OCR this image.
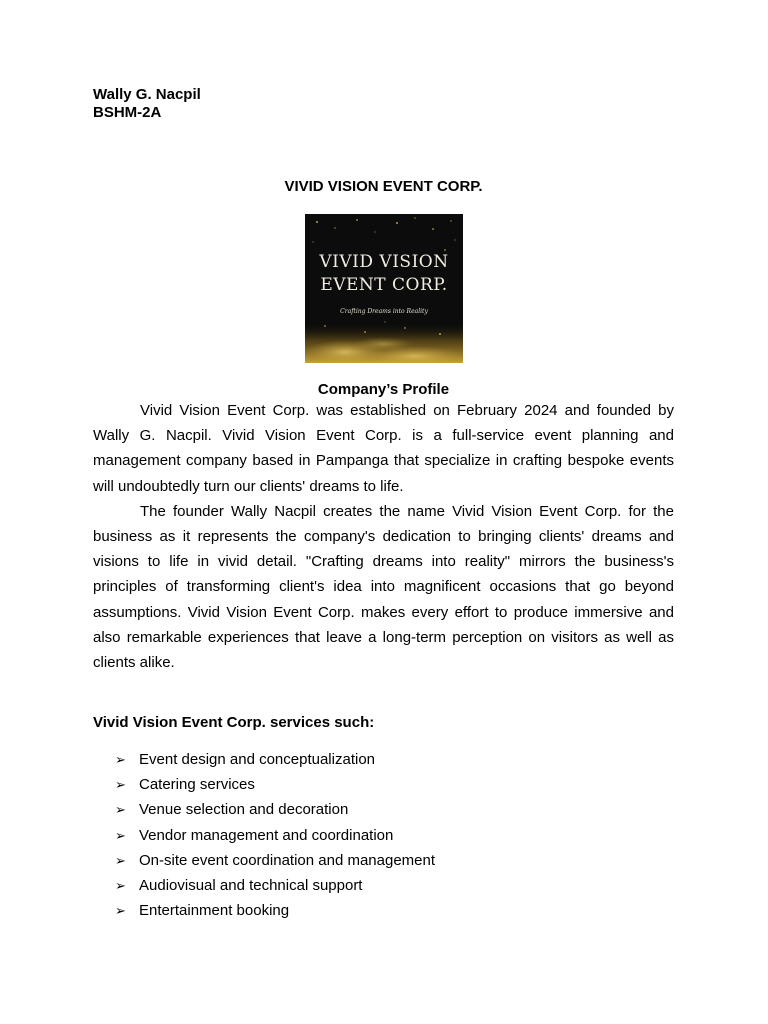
Wally G. Nacpil

BSHM-2A

VIVID VISION EVENT CORP.
VIVID VISION
EVENT CORP.
Crafting Dreams into Reality
Company’s Profile

Vivid Vision Event Corp. was established on February 2024 and founded by Wally G. Nacpil. Vivid Vision Event Corp. is a full-service event planning and management company based in Pampanga that specialize in crafting bespoke events will undoubtedly turn our clients' dreams to life.

The founder Wally Nacpil creates the name Vivid Vision Event Corp. for the business as it represents the company's dedication to bringing clients' dreams and visions to life in vivid detail. "Crafting dreams into reality" mirrors the business's principles of transforming client's idea into magnificent occasions that go beyond assumptions. Vivid Vision Event Corp. makes every effort to produce immersive and also remarkable experiences that leave a long-term perception on visitors as well as clients alike.

Vivid Vision Event Corp. services such:
➢ Event design and conceptualization
➢ Catering services
➢ Venue selection and decoration
➢ Vendor management and coordination
➢ On-site event coordination and management
➢ Audiovisual and technical support
➢ Entertainment booking
